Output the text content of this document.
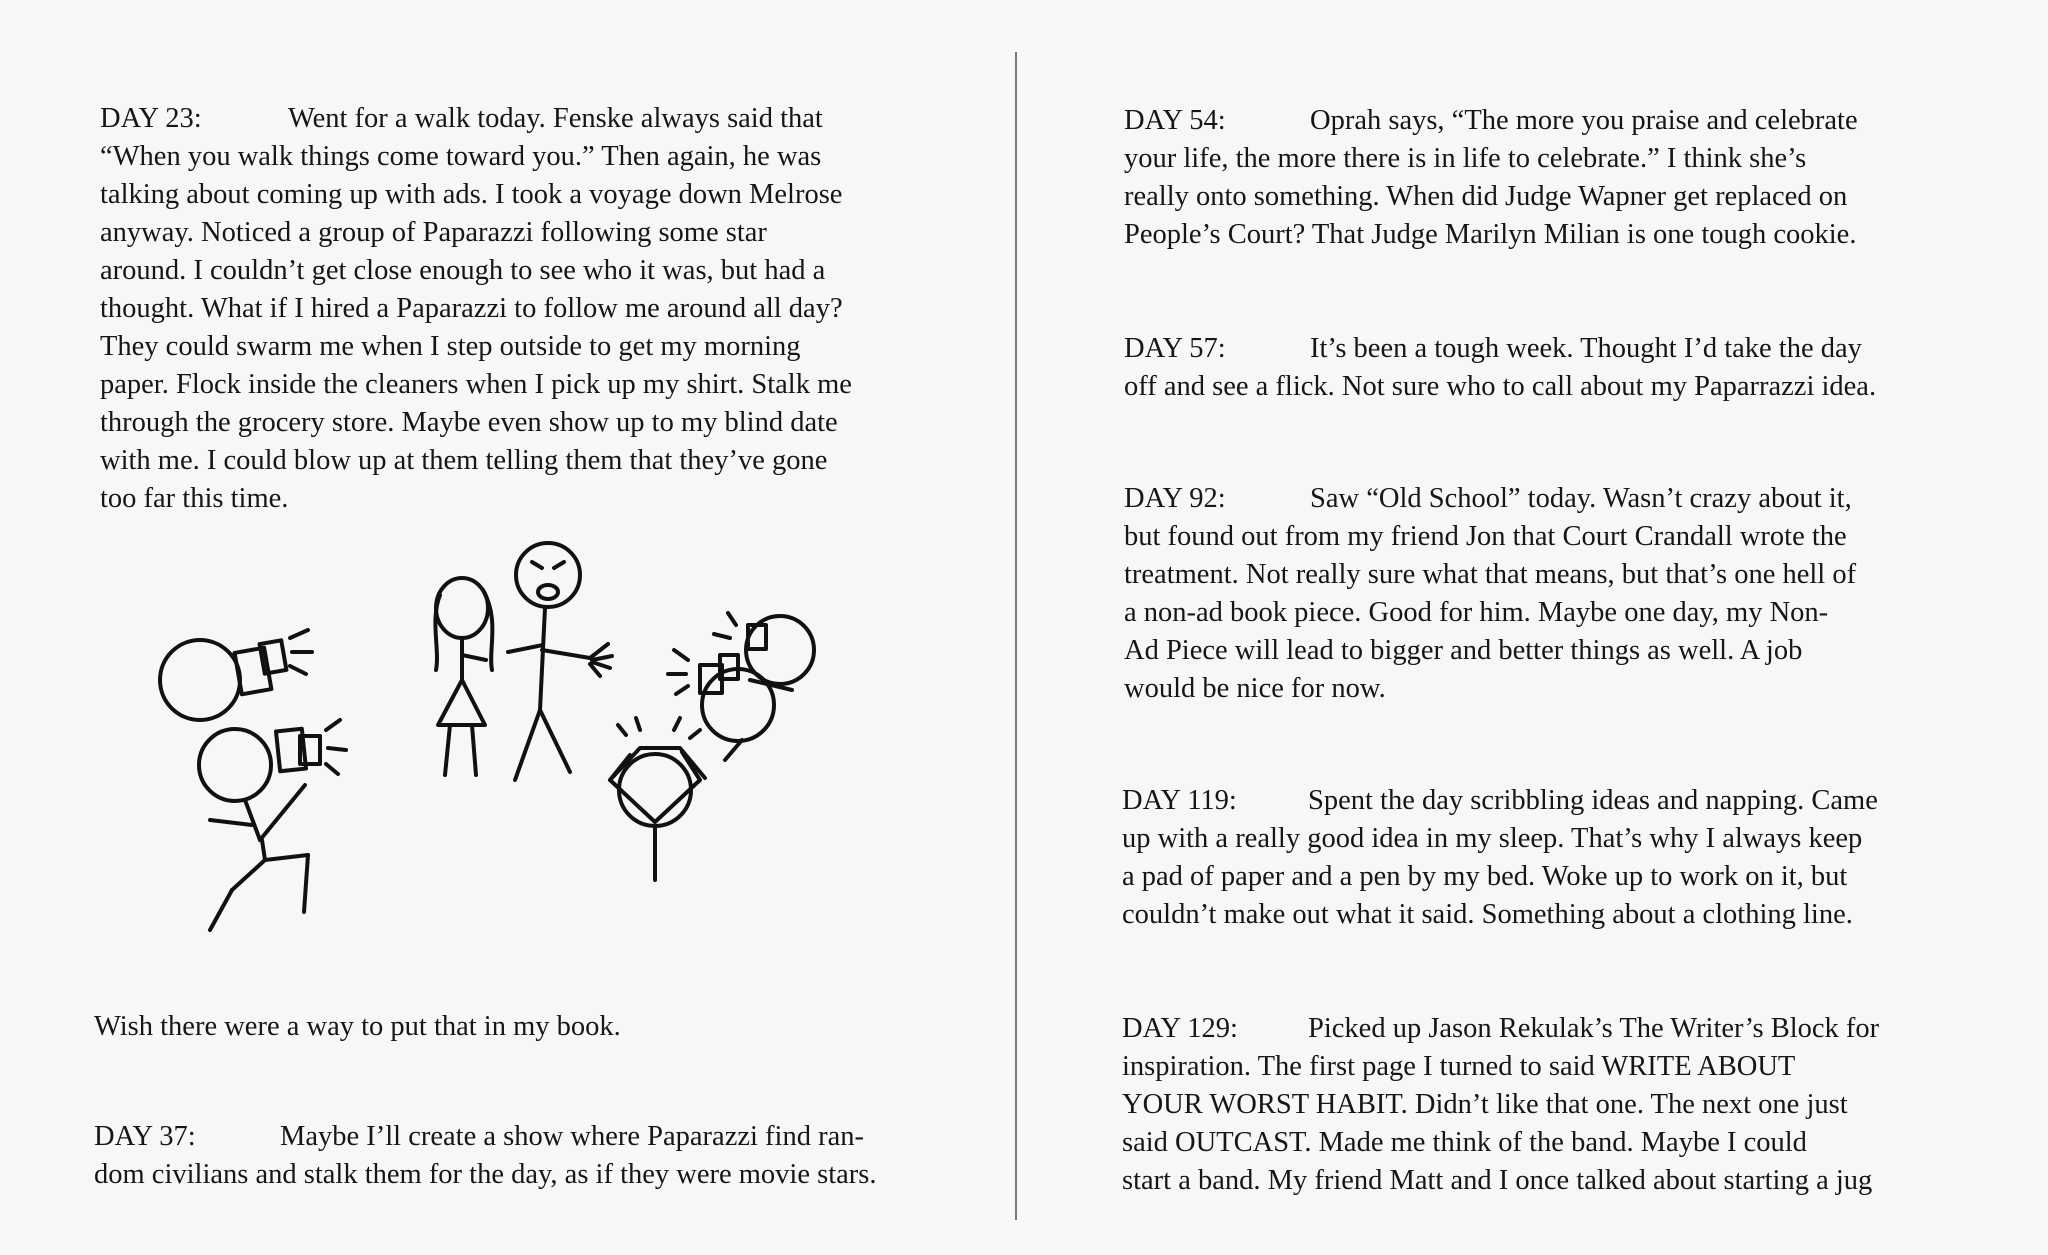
DAY 23:	Went for a walk today. Fenske always said that
“When you walk things come toward you.” Then again, he was
talking about coming up with ads. I took a voyage down Melrose
anyway. Noticed a group of Paparazzi following some star
around. I couldn’t get close enough to see who it was, but had a
thought. What if I hired a Paparazzi to follow me around all day?
They could swarm me when I step outside to get my morning
paper. Flock inside the cleaners when I pick up my shirt. Stalk me
through the grocery store. Maybe even show up to my blind date
with me. I could blow up at them telling them that they’ve gone
too far this time.
Wish there were a way to put that in my book.
DAY 37:	Maybe I’ll create a show where Paparazzi find ran-
dom civilians and stalk them for the day, as if they were movie stars.
DAY 54:	Oprah says, “The more you praise and celebrate
your life, the more there is in life to celebrate.” I think she’s
really onto something. When did Judge Wapner get replaced on
People’s Court? That Judge Marilyn Milian is one tough cookie.
DAY 57:	It’s been a tough week. Thought I’d take the day
off and see a flick. Not sure who to call about my Paparrazzi idea.
DAY 92:	Saw “Old School” today. Wasn’t crazy about it,
but found out from my friend Jon that Court Crandall wrote the
treatment. Not really sure what that means, but that’s one hell of
a non-ad book piece. Good for him. Maybe one day, my Non-
Ad Piece will lead to bigger and better things as well. A job
would be nice for now.
DAY 119: Spent the day scribbling ideas and napping. Came
up with a really good idea in my sleep. That’s why I always keep
a pad of paper and a pen by my bed. Woke up to work on it, but
couldn’t make out what it said. Something about a clothing line.
DAY 129: Picked up Jason Rekulak’s The Writer’s Block for
inspiration. The first page I turned to said WRITE ABOUT
YOUR WORST HABIT. Didn’t like that one. The next one just
said OUTCAST. Made me think of the band. Maybe I could
start a band. My friend Matt and I once talked about starting a jug
